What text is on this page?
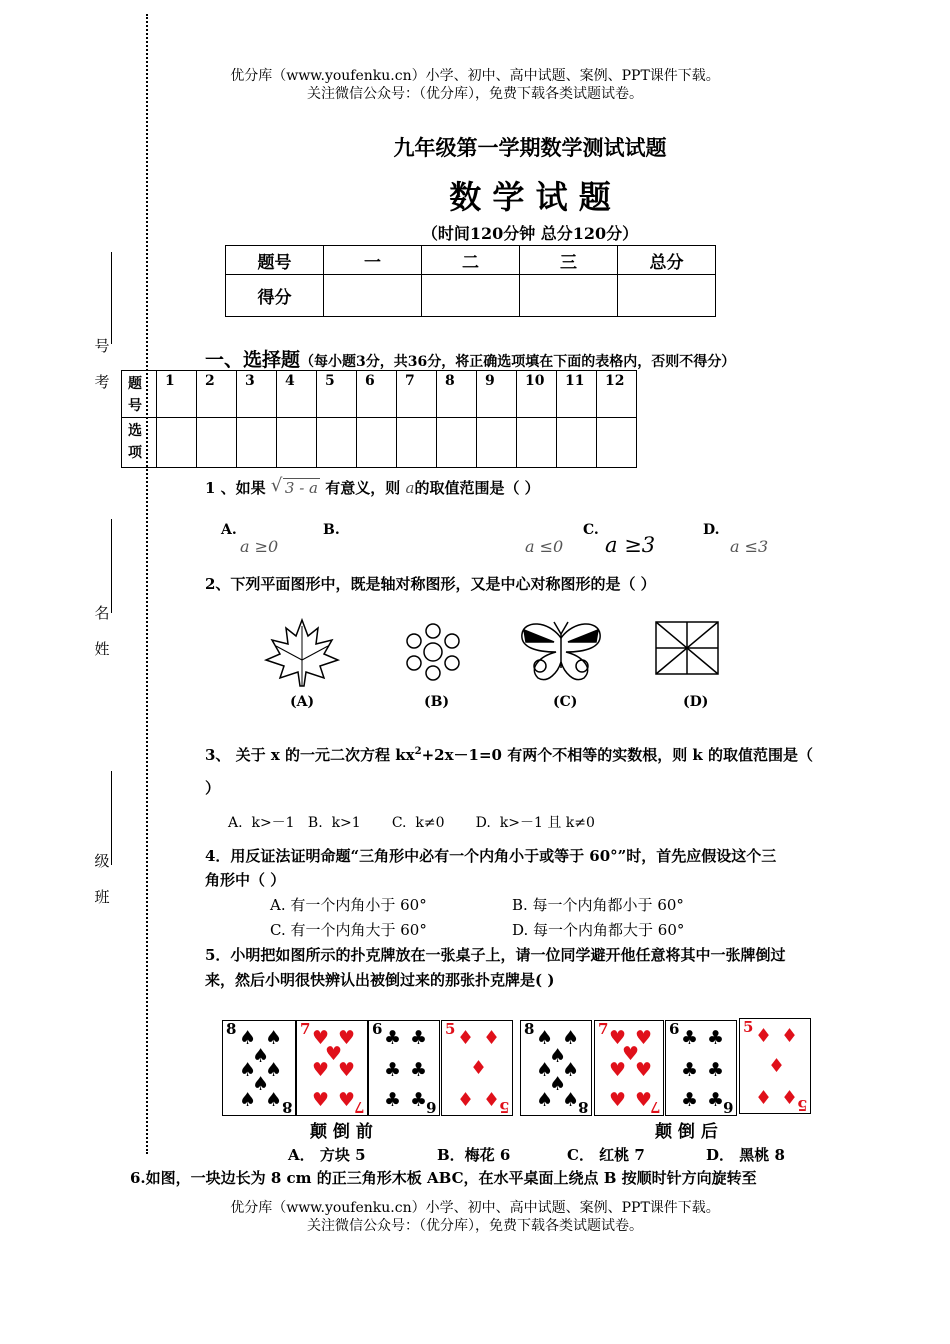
优分库（www.youfenku.cn）小学、初中、高中试题、案例、PPT课件下载。
关注微信公众号：（优分库），免费下载各类试题试卷。
号
考
名
姓
级
班
九年级第一学期数学测试试题
数 学 试 题
（时间120分钟 总分120分）
题号	一	二	三	总分
得分				
一、选择题（每小题3分，共36分，将正确选项填在下面的表格内，否则不得分）
题
号	1	2	3	4	5	6	7	8	9	10	11	12

选
项												

1 、如果 √ 3 - a 有意义，则 a的取值范围是（ ）
A.
a ≥0
B.
a ≤0
C.
a ≥3
D.
a ≤3
2、下列平面图形中，既是轴对称图形，又是中心对称图形的是（ ）
(A)	(B)	(C)	(D)
3、 关于 x 的一元二次方程 $kx^2+2x-1=0$ 有两个不相等的实数根，则 k 的取值范围是（
）
A.  k>－1   B.  k>1       C.  k≠0       D.  k>－1 且 k≠0
4．用反证法证明命题“三角形中必有一个内角小于或等于 60°”时，首先应假设这个三
角形中（ ）
A. 有一个内角小于 60°	B. 每一个内角都小于 60°
C. 有一个内角大于 60°	D. 每一个内角都大于 60°
5．小明把如图所示的扑克牌放在一张桌子上，请一位同学避开他任意将其中一张牌倒过
来，然后小明很快辨认出被倒过来的那张扑克牌是( )
8
8
♠ ♠
♠
♠ ♠
♠
♠ ♠
7
7
♥ ♥
♥
♥ ♥
♥ ♥
6
6
♣ ♣
♣ ♣
♣ ♣
5
5
♦ ♦
♦
♦ ♦
8
8
♠ ♠
♠
♠ ♠
♠
♠ ♠
7
7
♥ ♥
♥
♥ ♥
♥ ♥
6
6
♣ ♣
♣ ♣
♣ ♣
5
5
♦ ♦
♦
♦ ♦
颠 倒 前	颠 倒 后
A． 方块 5	B．梅花 6	C． 红桃 7	D． 黑桃 8
6.如图，一块边长为 8 cm 的正三角形木板 ABC，在水平桌面上绕点 B 按顺时针方向旋转至
优分库（www.youfenku.cn）小学、初中、高中试题、案例、PPT课件下载。
关注微信公众号：（优分库），免费下载各类试题试卷。
